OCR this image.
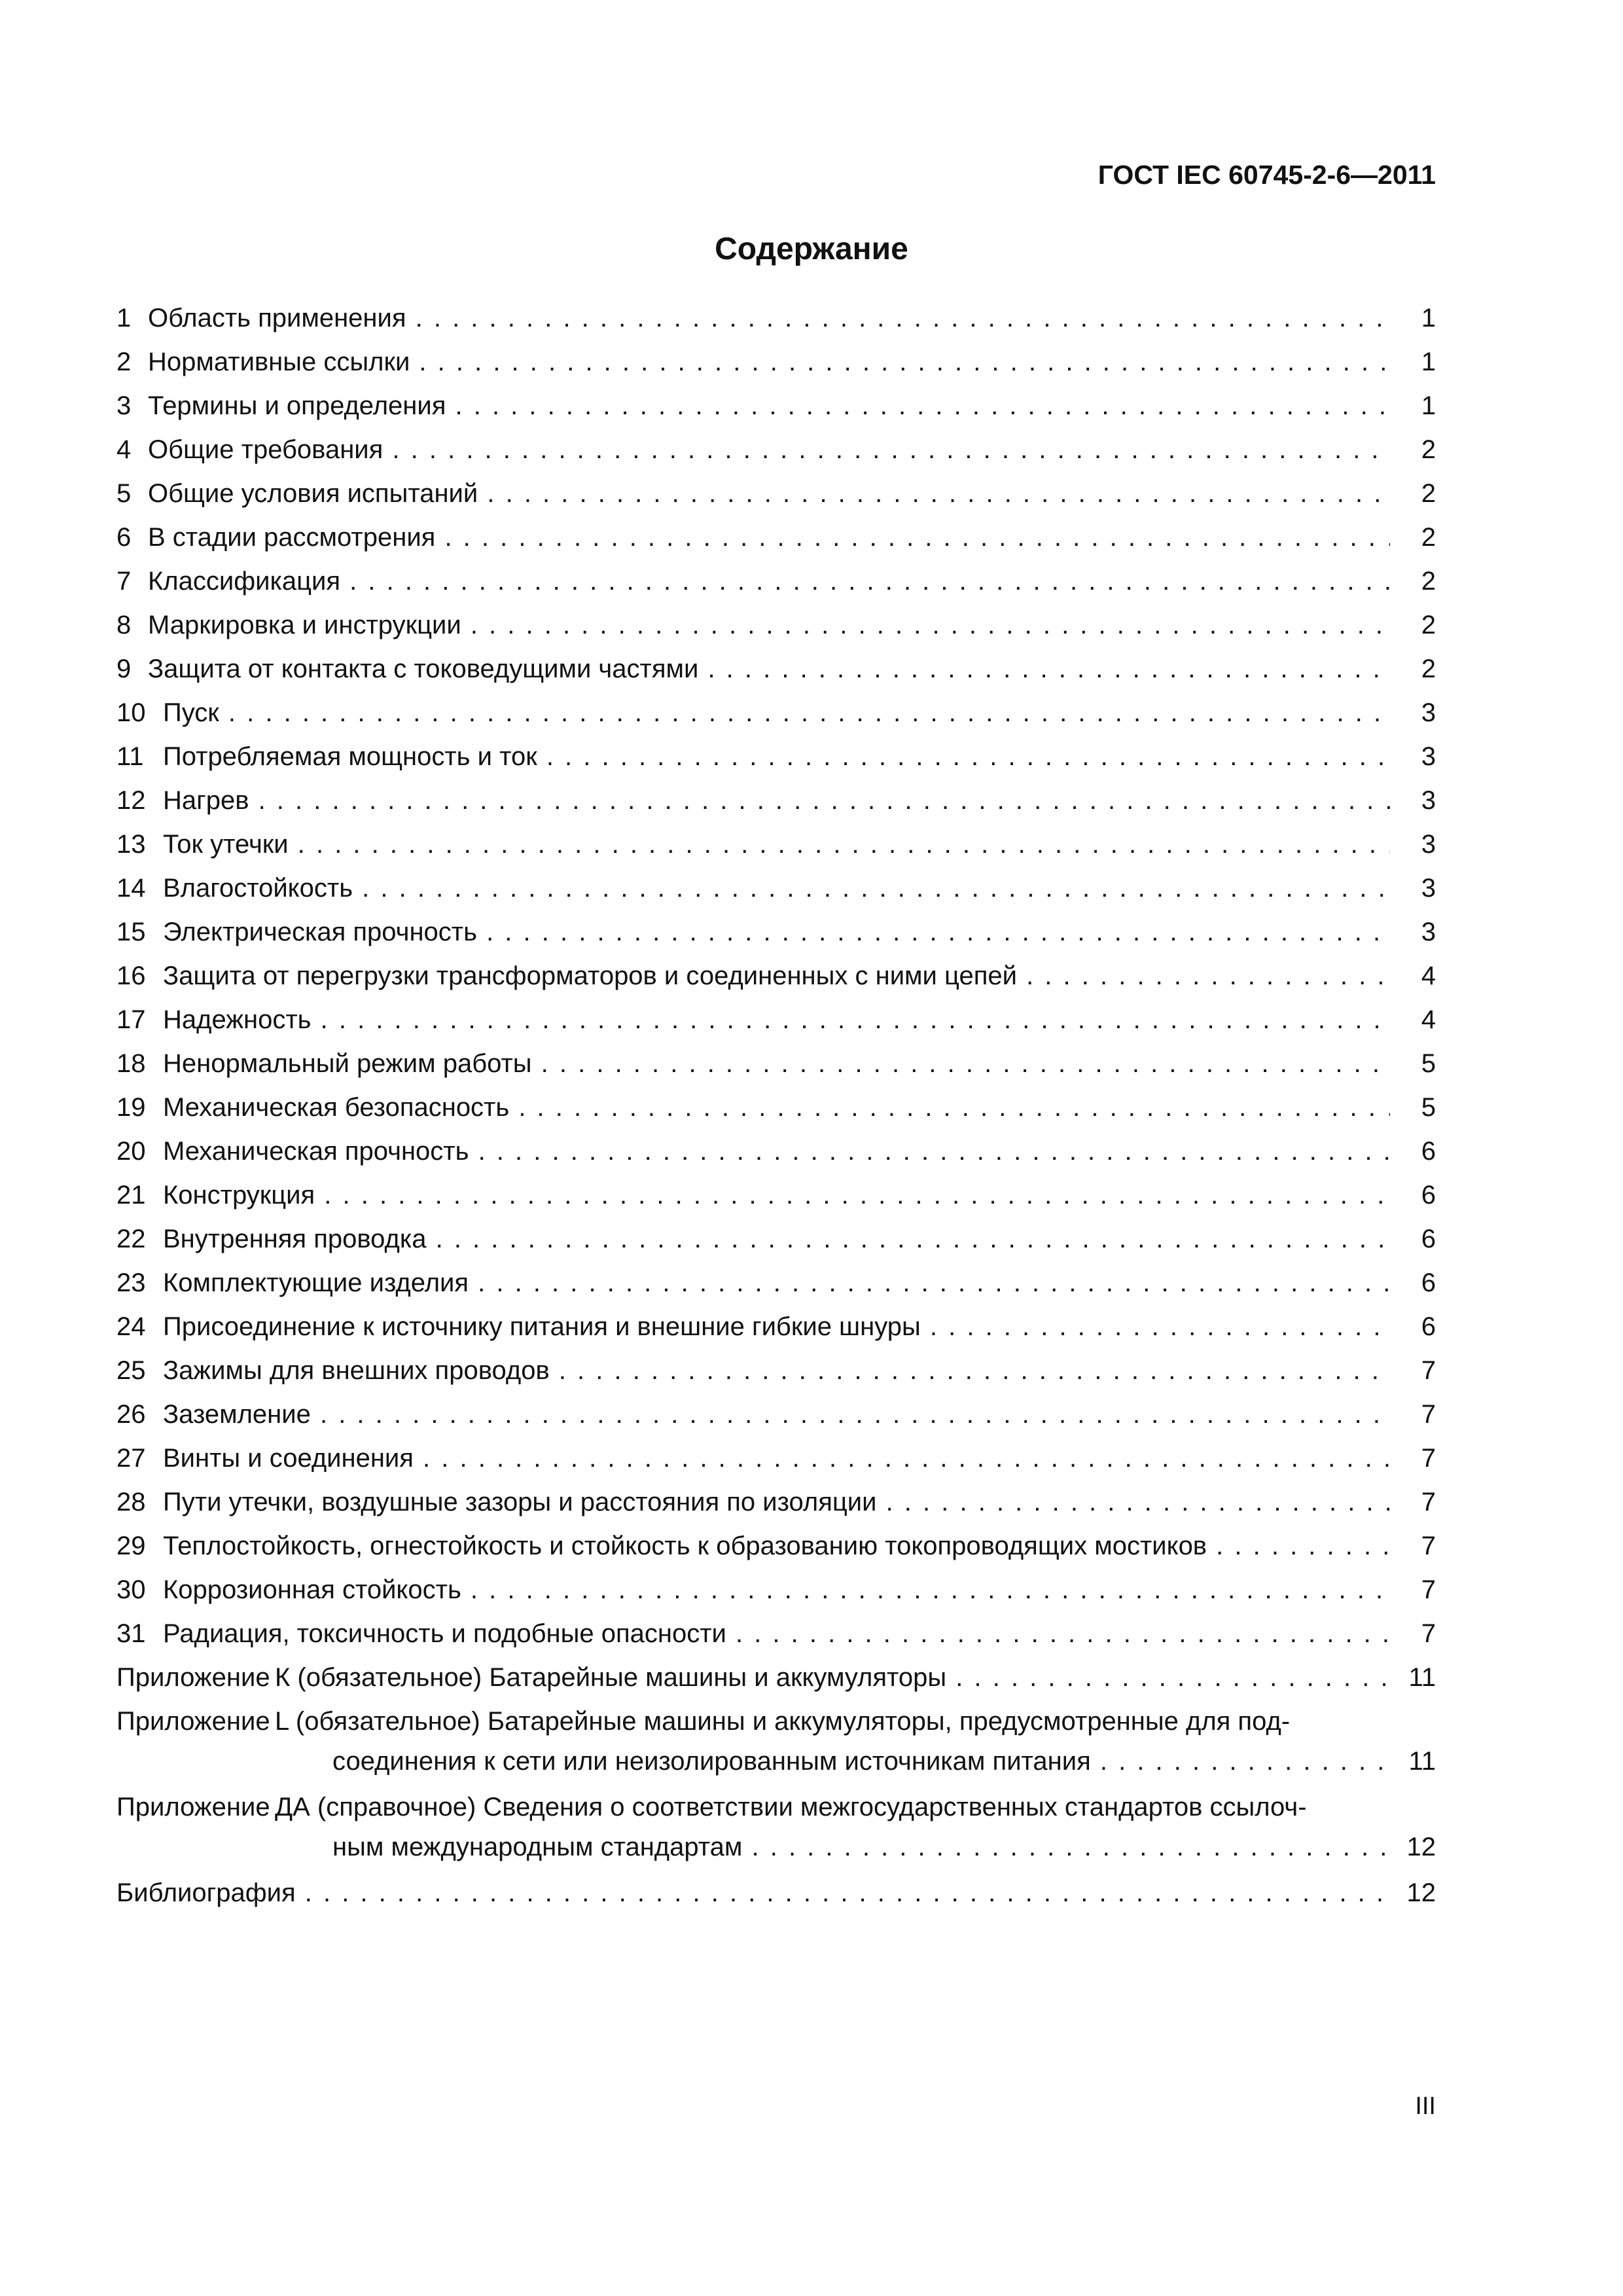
ГОСТ IEC 60745-2-6—2011

Содержание
1 Область применения . . .	1
2 Нормативные ссылки . . .	1
3 Термины и определения . . .	1
4 Общие требования . . .	2
5 Общие условия испытаний . . .	2
6 В стадии рассмотрения . . .	2
7 Классификация . . .	2
8 Маркировка и инструкции . . .	2
9 Защита от контакта с токоведущими частями . . .	2
10 Пуск . . .	3
11 Потребляемая мощность и ток . . .	3
12 Нагрев . . .	3
13 Ток утечки . . .	3
14 Влагостойкость . . .	3
15 Электрическая прочность . . .	3
16 Защита от перегрузки трансформаторов и соединенных с ними цепей . . .	4
17 Надежность . . .	4
18 Ненормальный режим работы . . .	5
19 Механическая безопасность . . .	5
20 Механическая прочность . . .	6
21 Конструкция . . .	6
22 Внутренняя проводка . . .	6
23 Комплектующие изделия . . .	6
24 Присоединение к источнику питания и внешние гибкие шнуры . . .	6
25 Зажимы для внешних проводов . . .	7
26 Заземление . . .	7
27 Винты и соединения . . .	7
28 Пути утечки, воздушные зазоры и расстояния по изоляции . . .	7
29 Теплостойкость, огнестойкость и стойкость к образованию токопроводящих мостиков . . .	7
30 Коррозионная стойкость . . .	7
31 Радиация, токсичность и подобные опасности . . .	7
Приложение К (обязательное) Батарейные машины и аккумуляторы . . .	11
Приложение L (обязательное) Батарейные машины и аккумуляторы, предусмотренные для под-
соединения к сети или неизолированным источникам питания . . .	11
Приложение ДА (справочное) Сведения о соответствии межгосударственных стандартов ссылоч-
ным международным стандартам . . .	12
Библиография . . .	12

III
